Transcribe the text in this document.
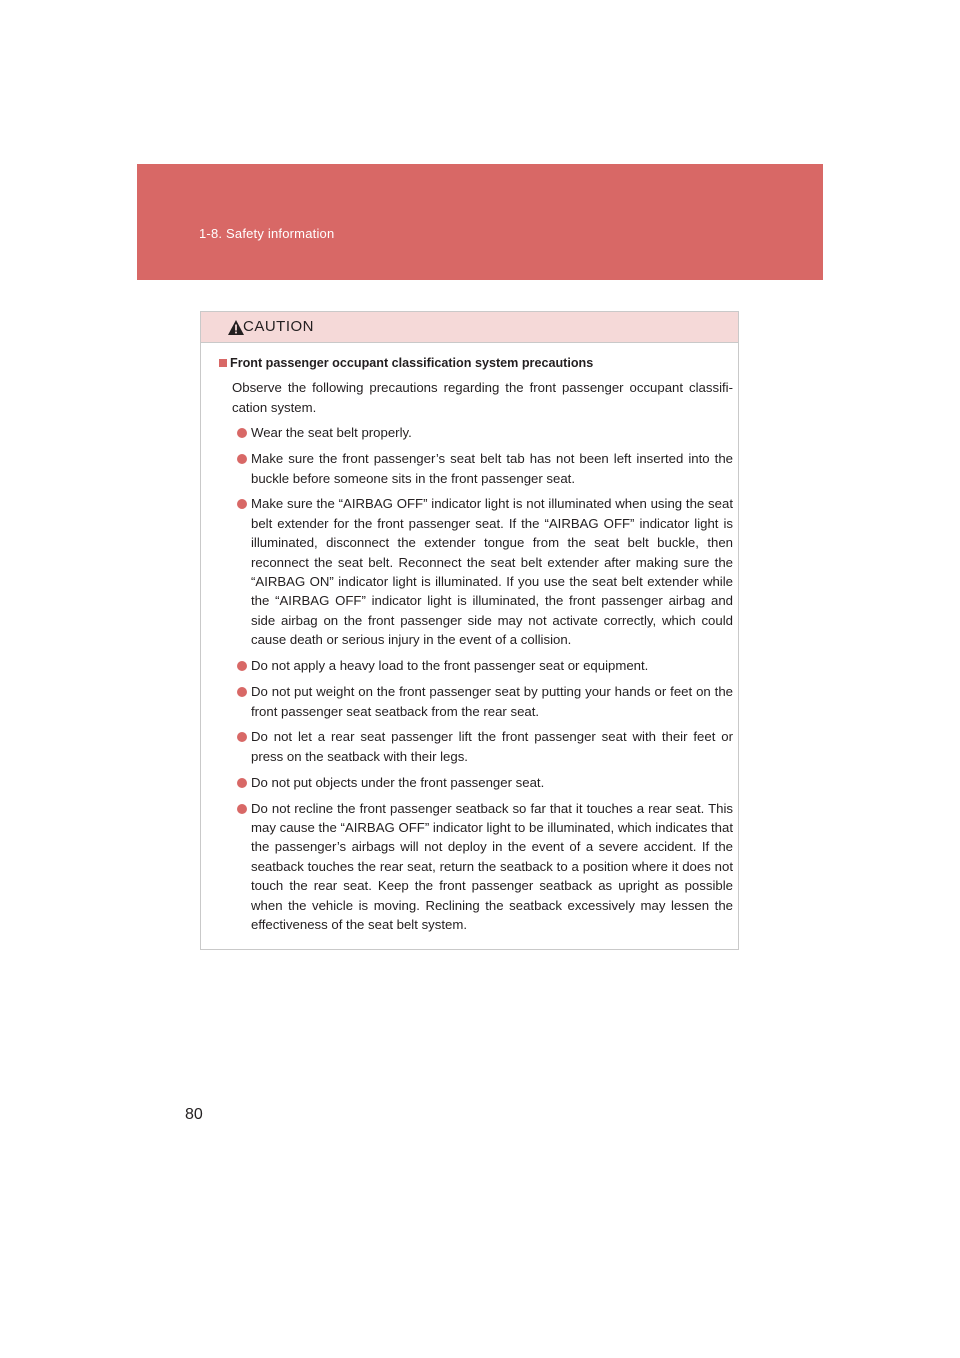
1-8. Safety information
CAUTION
Front passenger occupant classification system precautions
Observe the following precautions regarding the front passenger occupant classifi- cation system.
Wear the seat belt properly.
Make sure the front passenger’s seat belt tab has not been left inserted into the buckle before someone sits in the front passenger seat.
Make sure the “AIRBAG OFF” indicator light is not illuminated when using the seat belt extender for the front passenger seat. If the “AIRBAG OFF” indicator light is illuminated, disconnect the extender tongue from the seat belt buckle, then reconnect the seat belt. Reconnect the seat belt extender after making sure the “AIRBAG ON” indicator light is illuminated. If you use the seat belt extender while the “AIRBAG OFF” indicator light is illuminated, the front passenger airbag and side airbag on the front passenger side may not activate correctly, which could cause death or serious injury in the event of a collision.
Do not apply a heavy load to the front passenger seat or equipment.
Do not put weight on the front passenger seat by putting your hands or feet on the front passenger seat seatback from the rear seat.
Do not let a rear seat passenger lift the front passenger seat with their feet or press on the seatback with their legs.
Do not put objects under the front passenger seat.
Do not recline the front passenger seatback so far that it touches a rear seat. This may cause the “AIRBAG OFF” indicator light to be illuminated, which indicates that the passenger’s airbags will not deploy in the event of a severe accident. If the seatback touches the rear seat, return the seatback to a position where it does not touch the rear seat. Keep the front passenger seatback as upright as possible when the vehicle is moving. Reclining the seatback excessively may lessen the effectiveness of the seat belt system.
80
